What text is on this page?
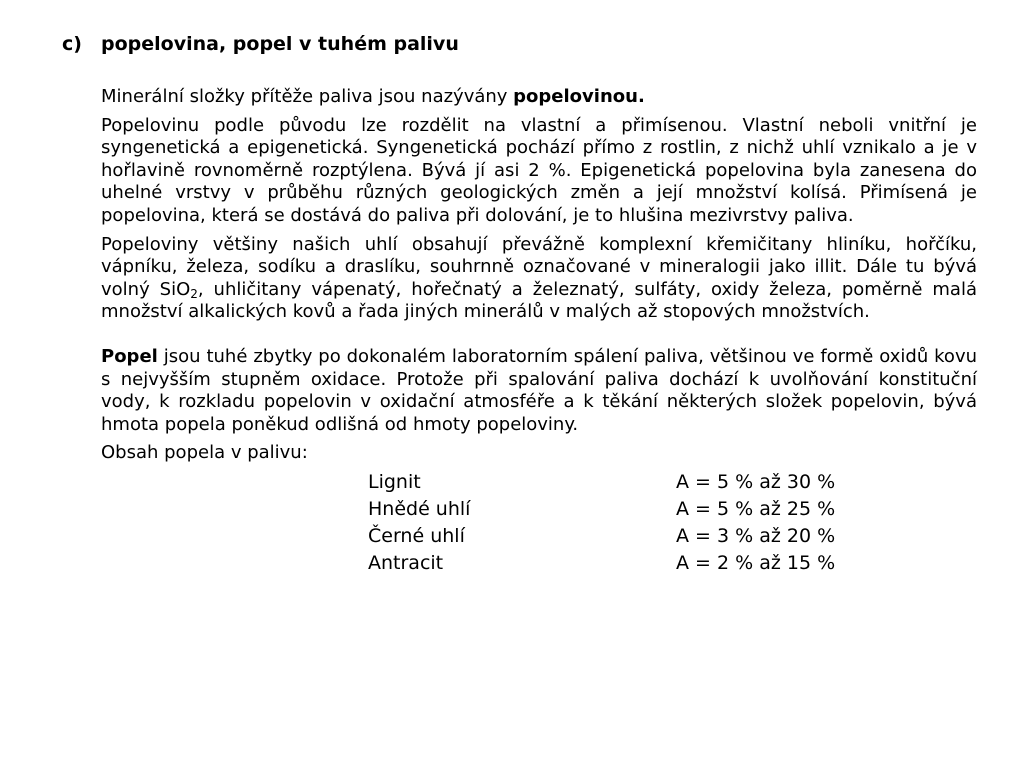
c) popelovina, popel v tuhém palivu

Minerální složky přítěže paliva jsou nazývány popelovinou.

Popelovinu podle původu lze rozdělit na vlastní a přimísenou. Vlastní neboli vnitřní je syngenetická a epigenetická. Syngenetická pochází přímo z rostlin, z nichž uhlí vznikalo a je v hořlavině rovnoměrně rozptýlena. Bývá jí asi 2 %. Epigenetická popelovina byla zanesena do uhelné vrstvy v průběhu různých geologických změn a její množství kolísá. Přimísená je popelovina, která se dostává do paliva při dolování, je to hlušina mezivrstvy paliva.

Popeloviny většiny našich uhlí obsahují převážně komplexní křemičitany hliníku, hořčíku, vápníku, železa, sodíku a draslíku, souhrnně označované v mineralogii jako illit. Dále tu bývá volný SiO$_2$, uhličitany vápenatý, hořečnatý a železnatý, sulfáty, oxidy železa, poměrně malá množství alkalických kovů a řada jiných minerálů v malých až stopových množstvích.

Popel jsou tuhé zbytky po dokonalém laboratorním spálení paliva, většinou ve formě oxidů kovu s nejvyšším stupněm oxidace. Protože při spalování paliva dochází k uvolňování konstituční vody, k rozkladu popelovin v oxidační atmosféře a k těkání některých složek popelovin, bývá hmota popela poněkud odlišná od hmoty popeloviny.

Obsah popela v palivu:

Lignit	A = 5 % až 30 %
Hnědé uhlí	A = 5 % až 25 %
Černé uhlí	A = 3 % až 20 %
Antracit	A = 2 % až 15 %
